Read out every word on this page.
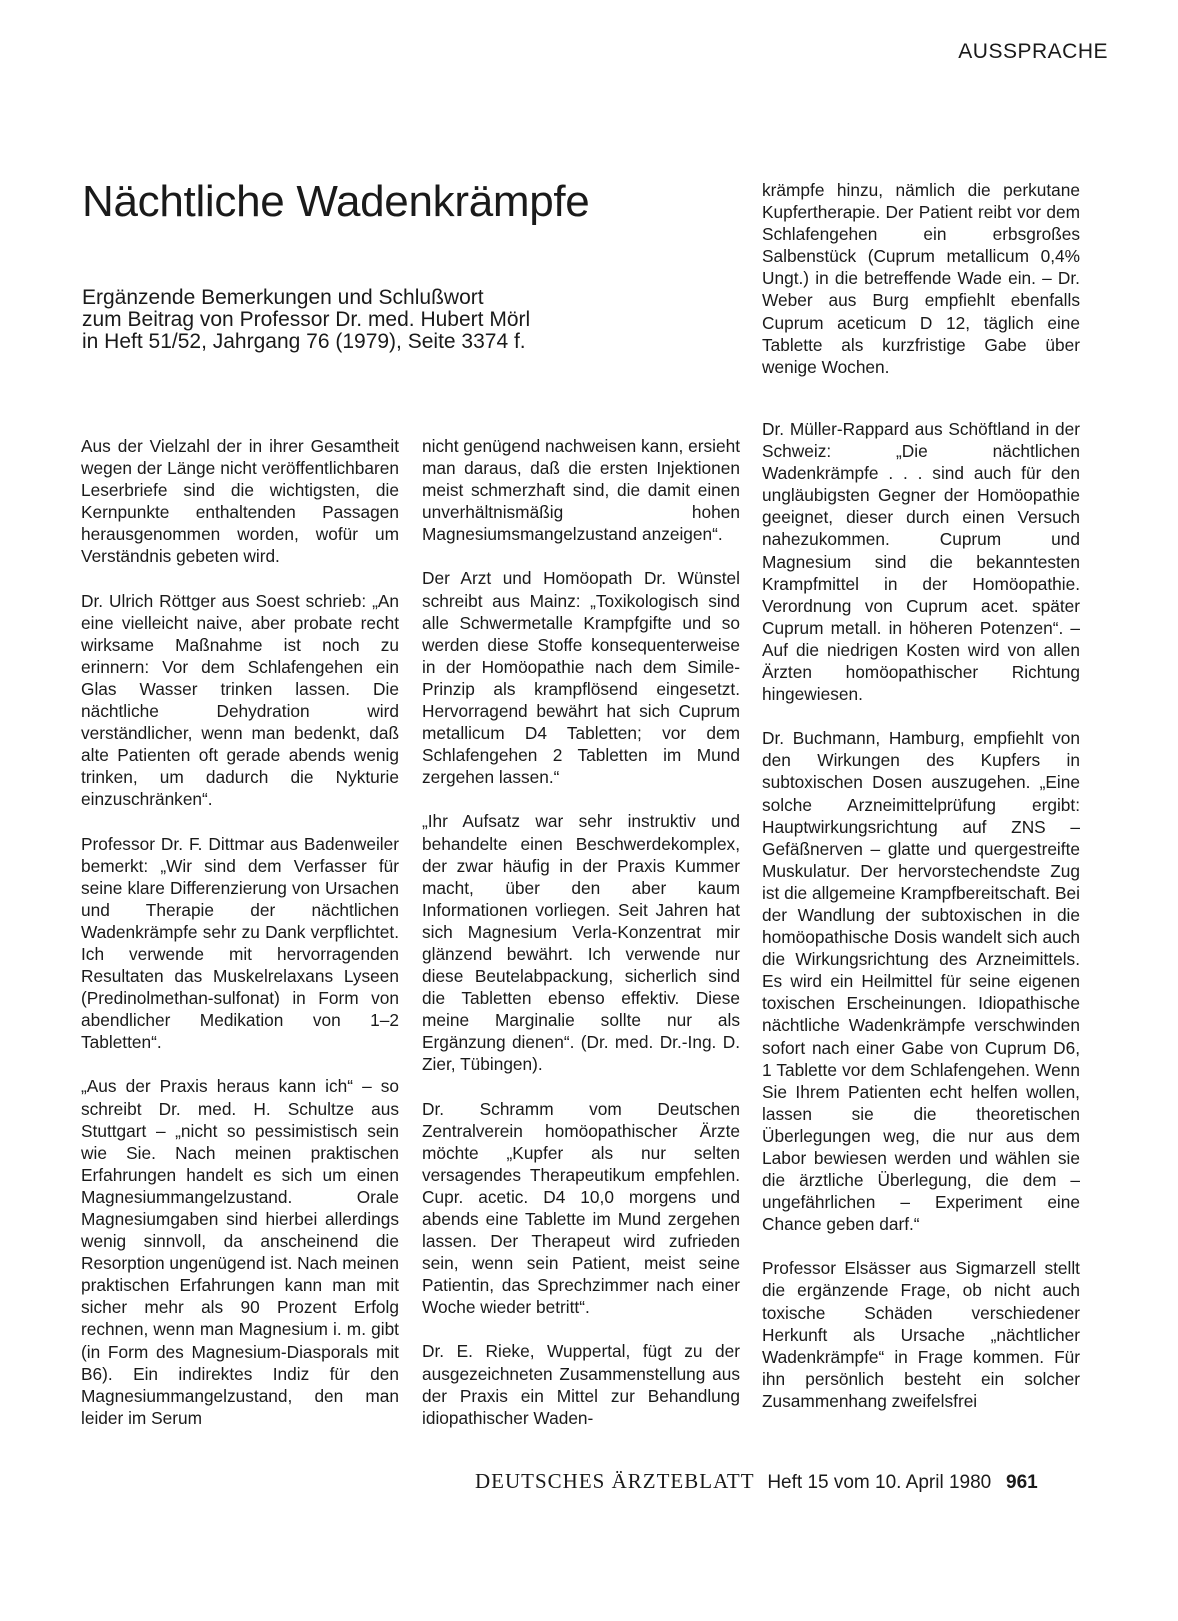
AUSSPRACHE
Nächtliche Wadenkrämpfe
Ergänzende Bemerkungen und Schlußwort
zum Beitrag von Professor Dr. med. Hubert Mörl
in Heft 51/52, Jahrgang 76 (1979), Seite 3374 f.

Aus der Vielzahl der in ihrer Gesamtheit wegen der Länge nicht veröffentlichbaren Leserbriefe sind die wichtigsten, die Kernpunkte enthaltenden Passagen herausgenommen worden, wofür um Verständnis gebeten wird.

Dr. Ulrich Röttger aus Soest schrieb: „An eine vielleicht naive, aber probate recht wirksame Maßnahme ist noch zu erinnern: Vor dem Schlafengehen ein Glas Wasser trinken lassen. Die nächtliche Dehydration wird verständlicher, wenn man bedenkt, daß alte Patienten oft gerade abends wenig trinken, um dadurch die Nykturie einzuschränken“.

Professor Dr. F. Dittmar aus Badenweiler bemerkt: „Wir sind dem Verfasser für seine klare Differenzierung von Ursachen und Therapie der nächtlichen Wadenkrämpfe sehr zu Dank verpflichtet. Ich verwende mit hervorragenden Resultaten das Muskelrelaxans Lyseen (Predinolmethan-sulfonat) in Form von abendlicher Medikation von 1–2 Tabletten“.

„Aus der Praxis heraus kann ich“ – so schreibt Dr. med. H. Schultze aus Stuttgart – „nicht so pessimistisch sein wie Sie. Nach meinen praktischen Erfahrungen handelt es sich um einen Magnesiummangelzustand. Orale Magnesiumgaben sind hierbei allerdings wenig sinnvoll, da anscheinend die Resorption ungenügend ist. Nach meinen praktischen Erfahrungen kann man mit sicher mehr als 90 Prozent Erfolg rechnen, wenn man Magnesium i. m. gibt (in Form des Magnesium-Diasporals mit B6). Ein indirektes Indiz für den Magnesiummangelzustand, den man leider im Serum

nicht genügend nachweisen kann, ersieht man daraus, daß die ersten Injektionen meist schmerzhaft sind, die damit einen unverhältnismäßig hohen Magnesiumsmangelzustand anzeigen“.

Der Arzt und Homöopath Dr. Wünstel schreibt aus Mainz: „Toxikologisch sind alle Schwermetalle Krampfgifte und so werden diese Stoffe konsequenterweise in der Homöopathie nach dem Simile-Prinzip als krampflösend eingesetzt. Hervorragend bewährt hat sich Cuprum metallicum D4 Tabletten; vor dem Schlafengehen 2 Tabletten im Mund zergehen lassen.“

„Ihr Aufsatz war sehr instruktiv und behandelte einen Beschwerdekomplex, der zwar häufig in der Praxis Kummer macht, über den aber kaum Informationen vorliegen. Seit Jahren hat sich Magnesium Verla-Konzentrat mir glänzend bewährt. Ich verwende nur diese Beutelabpackung, sicherlich sind die Tabletten ebenso effektiv. Diese meine Marginalie sollte nur als Ergänzung dienen“. (Dr. med. Dr.-Ing. D. Zier, Tübingen).

Dr. Schramm vom Deutschen Zentralverein homöopathischer Ärzte möchte „Kupfer als nur selten versagendes Therapeutikum empfehlen. Cupr. acetic. D4 10,0 morgens und abends eine Tablette im Mund zergehen lassen. Der Therapeut wird zufrieden sein, wenn sein Patient, meist seine Patientin, das Sprechzimmer nach einer Woche wieder betritt“.

Dr. E. Rieke, Wuppertal, fügt zu der ausgezeichneten Zusammenstellung aus der Praxis ein Mittel zur Behandlung idiopathischer Waden-

krämpfe hinzu, nämlich die perkutane Kupfertherapie. Der Patient reibt vor dem Schlafengehen ein erbsgroßes Salbenstück (Cuprum metallicum 0,4% Ungt.) in die betreffende Wade ein. – Dr. Weber aus Burg empfiehlt ebenfalls Cuprum aceticum D 12, täglich eine Tablette als kurzfristige Gabe über wenige Wochen.

Dr. Müller-Rappard aus Schöftland in der Schweiz: „Die nächtlichen Wadenkrämpfe . . . sind auch für den ungläubigsten Gegner der Homöopathie geeignet, dieser durch einen Versuch nahezukommen. Cuprum und Magnesium sind die bekanntesten Krampfmittel in der Homöopathie. Verordnung von Cuprum acet. später Cuprum metall. in höheren Potenzen“. – Auf die niedrigen Kosten wird von allen Ärzten homöopathischer Richtung hingewiesen.

Dr. Buchmann, Hamburg, empfiehlt von den Wirkungen des Kupfers in subtoxischen Dosen auszugehen. „Eine solche Arzneimittelprüfung ergibt: Hauptwirkungsrichtung auf ZNS – Gefäßnerven – glatte und quergestreifte Muskulatur. Der hervorstechendste Zug ist die allgemeine Krampfbereitschaft. Bei der Wandlung der subtoxischen in die homöopathische Dosis wandelt sich auch die Wirkungsrichtung des Arzneimittels. Es wird ein Heilmittel für seine eigenen toxischen Erscheinungen. Idiopathische nächtliche Wadenkrämpfe verschwinden sofort nach einer Gabe von Cuprum D6, 1 Tablette vor dem Schlafengehen. Wenn Sie Ihrem Patienten echt helfen wollen, lassen sie die theoretischen Überlegungen weg, die nur aus dem Labor bewiesen werden und wählen sie die ärztliche Überlegung, die dem – ungefährlichen – Experiment eine Chance geben darf.“

Professor Elsässer aus Sigmarzell stellt die ergänzende Frage, ob nicht auch toxische Schäden verschiedener Herkunft als Ursache „nächtlicher Wadenkrämpfe“ in Frage kommen. Für ihn persönlich besteht ein solcher Zusammenhang zweifelsfrei

DEUTSCHES ÄRZTEBLATT Heft 15 vom 10. April 1980 961
